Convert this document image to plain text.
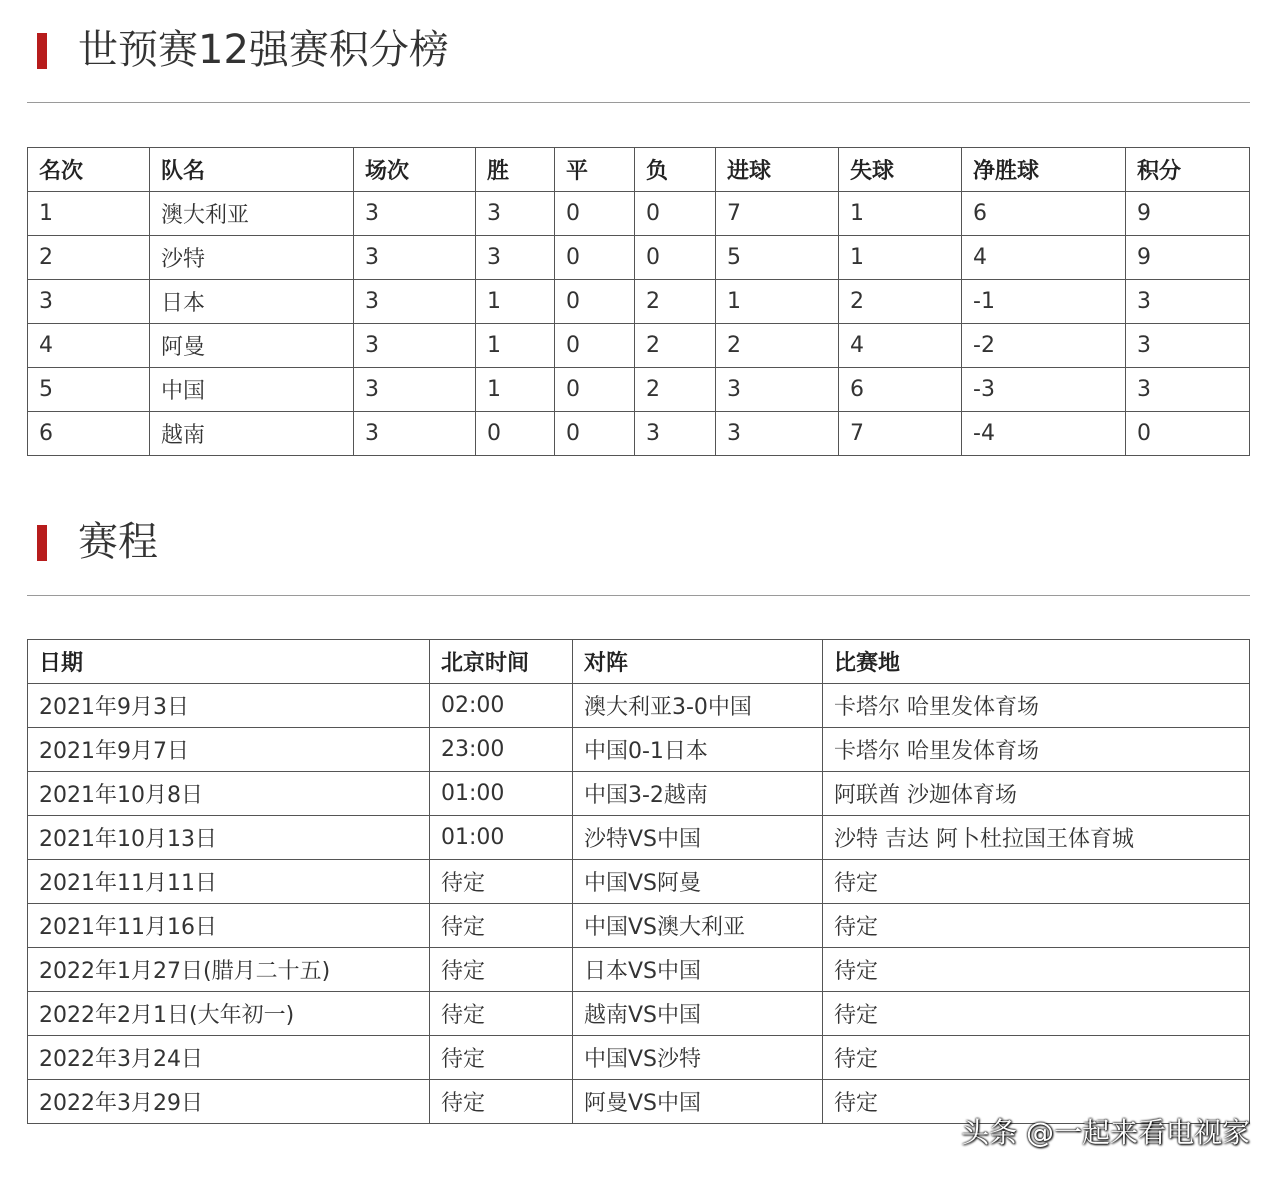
世预赛12强赛积分榜
名次	队名	场次	胜	平	负	进球	失球	净胜球	积分
1	澳大利亚	3	3	0	0	7	1	6	9
2	沙特	3	3	0	0	5	1	4	9
3	日本	3	1	0	2	1	2	-1	3
4	阿曼	3	1	0	2	2	4	-2	3
5	中国	3	1	0	2	3	6	-3	3
6	越南	3	0	0	3	3	7	-4	0
赛程
日期	北京时间	对阵	比赛地
2021年9月3日	02:00	澳大利亚3-0中国	卡塔尔 哈里发体育场
2021年9月7日	23:00	中国0-1日本	卡塔尔 哈里发体育场
2021年10月8日	01:00	中国3-2越南	阿联酋 沙迦体育场
2021年10月13日	01:00	沙特VS中国	沙特 吉达 阿卜杜拉国王体育城
2021年11月11日	待定	中国VS阿曼	待定
2021年11月16日	待定	中国VS澳大利亚	待定
2022年1月27日(腊月二十五)	待定	日本VS中国	待定
2022年2月1日(大年初一)	待定	越南VS中国	待定
2022年3月24日	待定	中国VS沙特	待定
2022年3月29日	待定	阿曼VS中国	待定
头条 @一起来看电视家
